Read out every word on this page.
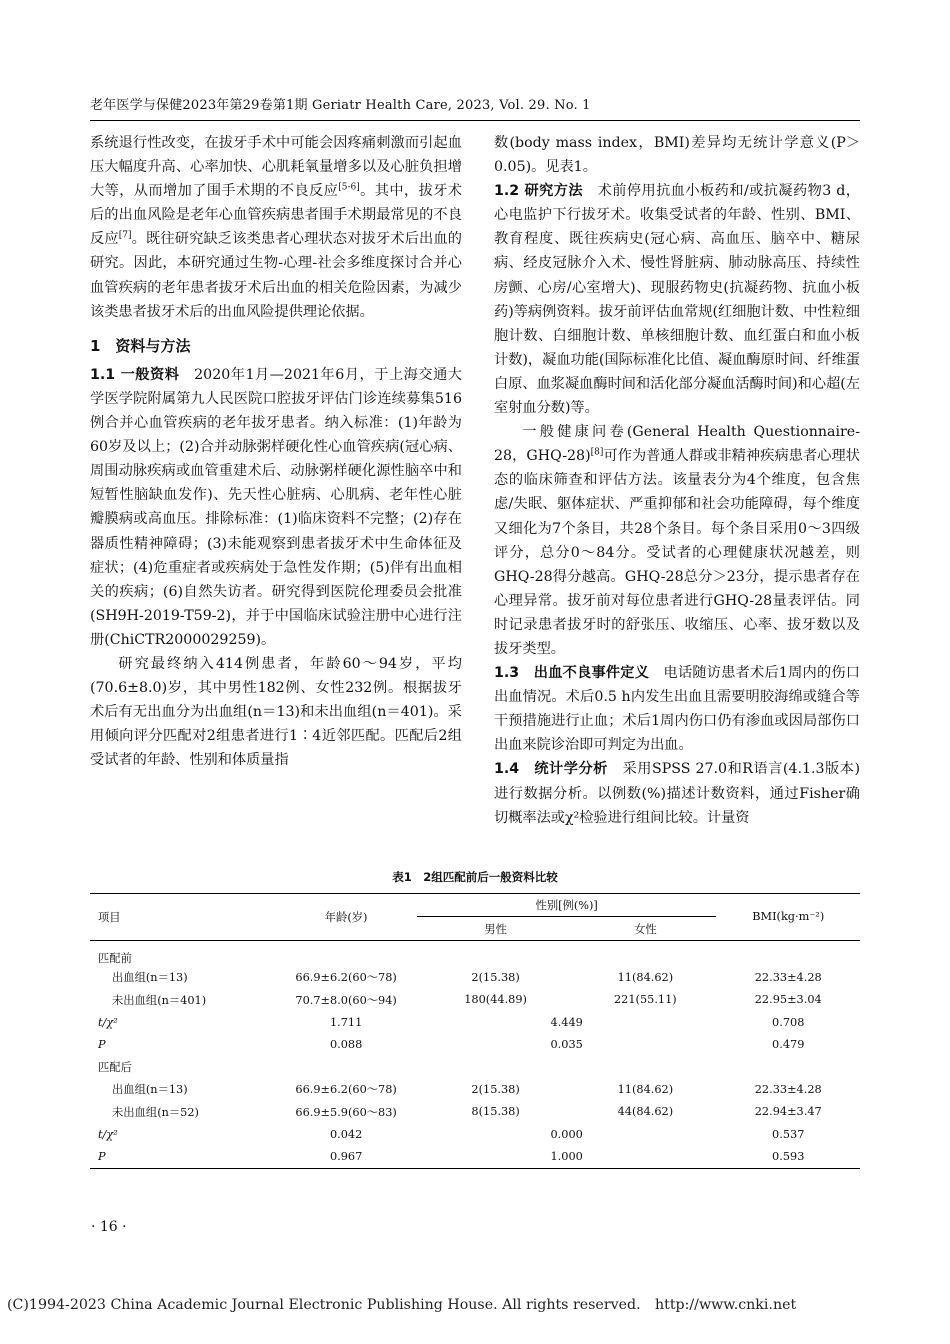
老年医学与保健2023年第29卷第1期 Geriatr Health Care, 2023, Vol. 29. No. 1

系统退行性改变，在拔牙手术中可能会因疼痛刺激而引起血压大幅度升高、心率加快、心肌耗氧量增多以及心脏负担增大等，从而增加了围手术期的不良反应[5-6]。其中，拔牙术后的出血风险是老年心血管疾病患者围手术期最常见的不良反应[7]。既往研究缺乏该类患者心理状态对拔牙术后出血的研究。因此，本研究通过生物-心理-社会多维度探讨合并心血管疾病的老年患者拔牙术后出血的相关危险因素，为减少该类患者拔牙术后的出血风险提供理论依据。

1　资料与方法

1.1 一般资料　2020年1月—2021年6月，于上海交通大学医学院附属第九人民医院口腔拔牙评估门诊连续募集516例合并心血管疾病的老年拔牙患者。纳入标准：(1)年龄为60岁及以上；(2)合并动脉粥样硬化性心血管疾病(冠心病、周围动脉疾病或血管重建术后、动脉粥样硬化源性脑卒中和短暂性脑缺血发作)、先天性心脏病、心肌病、老年性心脏瓣膜病或高血压。排除标准：(1)临床资料不完整；(2)存在器质性精神障碍；(3)未能观察到患者拔牙术中生命体征及症状；(4)危重症者或疾病处于急性发作期；(5)伴有出血相关的疾病；(6)自然失访者。研究得到医院伦理委员会批准(SH9H-2019-T59-2)，并于中国临床试验注册中心进行注册(ChiCTR2000029259)。

研究最终纳入414例患者，年龄60～94岁，平均(70.6±8.0)岁，其中男性182例、女性232例。根据拔牙术后有无出血分为出血组(n＝13)和未出血组(n＝401)。采用倾向评分匹配对2组患者进行1∶4近邻匹配。匹配后2组受试者的年龄、性别和体质量指

数(body mass index，BMI)差异均无统计学意义(P＞0.05)。见表1。

1.2 研究方法　术前停用抗血小板药和/或抗凝药物3 d，心电监护下行拔牙术。收集受试者的年龄、性别、BMI、教育程度、既往疾病史(冠心病、高血压、脑卒中、糖尿病、经皮冠脉介入术、慢性肾脏病、肺动脉高压、持续性房颤、心房/心室增大)、现服药物史(抗凝药物、抗血小板药)等病例资料。拔牙前评估血常规(红细胞计数、中性粒细胞计数、白细胞计数、单核细胞计数、血红蛋白和血小板计数)，凝血功能(国际标准化比值、凝血酶原时间、纤维蛋白原、血浆凝血酶时间和活化部分凝血活酶时间)和心超(左室射血分数)等。

一般健康问卷(General Health Questionnaire-28，GHQ-28)[8]可作为普通人群或非精神疾病患者心理状态的临床筛查和评估方法。该量表分为4个维度，包含焦虑/失眠、躯体症状、严重抑郁和社会功能障碍，每个维度又细化为7个条目，共28个条目。每个条目采用0～3四级评分，总分0～84分。受试者的心理健康状况越差，则GHQ-28得分越高。GHQ-28总分＞23分，提示患者存在心理异常。拔牙前对每位患者进行GHQ-28量表评估。同时记录患者拔牙时的舒张压、收缩压、心率、拔牙数以及拔牙类型。

1.3　出血不良事件定义　电话随访患者术后1周内的伤口出血情况。术后0.5 h内发生出血且需要明胶海绵或缝合等干预措施进行止血；术后1周内伤口仍有渗血或因局部伤口出血来院诊治即可判定为出血。

1.4　统计学分析　采用SPSS 27.0和R语言(4.1.3版本)进行数据分析。以例数(%)描述计数资料，通过Fisher确切概率法或χ²检验进行组间比较。计量资

表1　2组匹配前后一般资料比较
项目	年龄(岁)	性别[例(%)]		BMI(kg·m⁻²)
		男性	女性	

匹配前				
出血组(n＝13)	66.9±6.2(60～78)	2(15.38)	11(84.62)	22.33±4.28
未出血组(n＝401)	70.7±8.0(60～94)	180(44.89)	221(55.11)	22.95±3.04
t/χ²	1.711	4.449		0.708
P	0.088	0.035		0.479
匹配后				
出血组(n＝13)	66.9±6.2(60～78)	2(15.38)	11(84.62)	22.33±4.28
未出血组(n＝52)	66.9±5.9(60～83)	8(15.38)	44(84.62)	22.94±3.47
t/χ²	0.042	0.000		0.537
P	0.967	1.000		0.593
· 16 ·
(C)1994-2023 China Academic Journal Electronic Publishing House. All rights reserved. http://www.cnki.net
